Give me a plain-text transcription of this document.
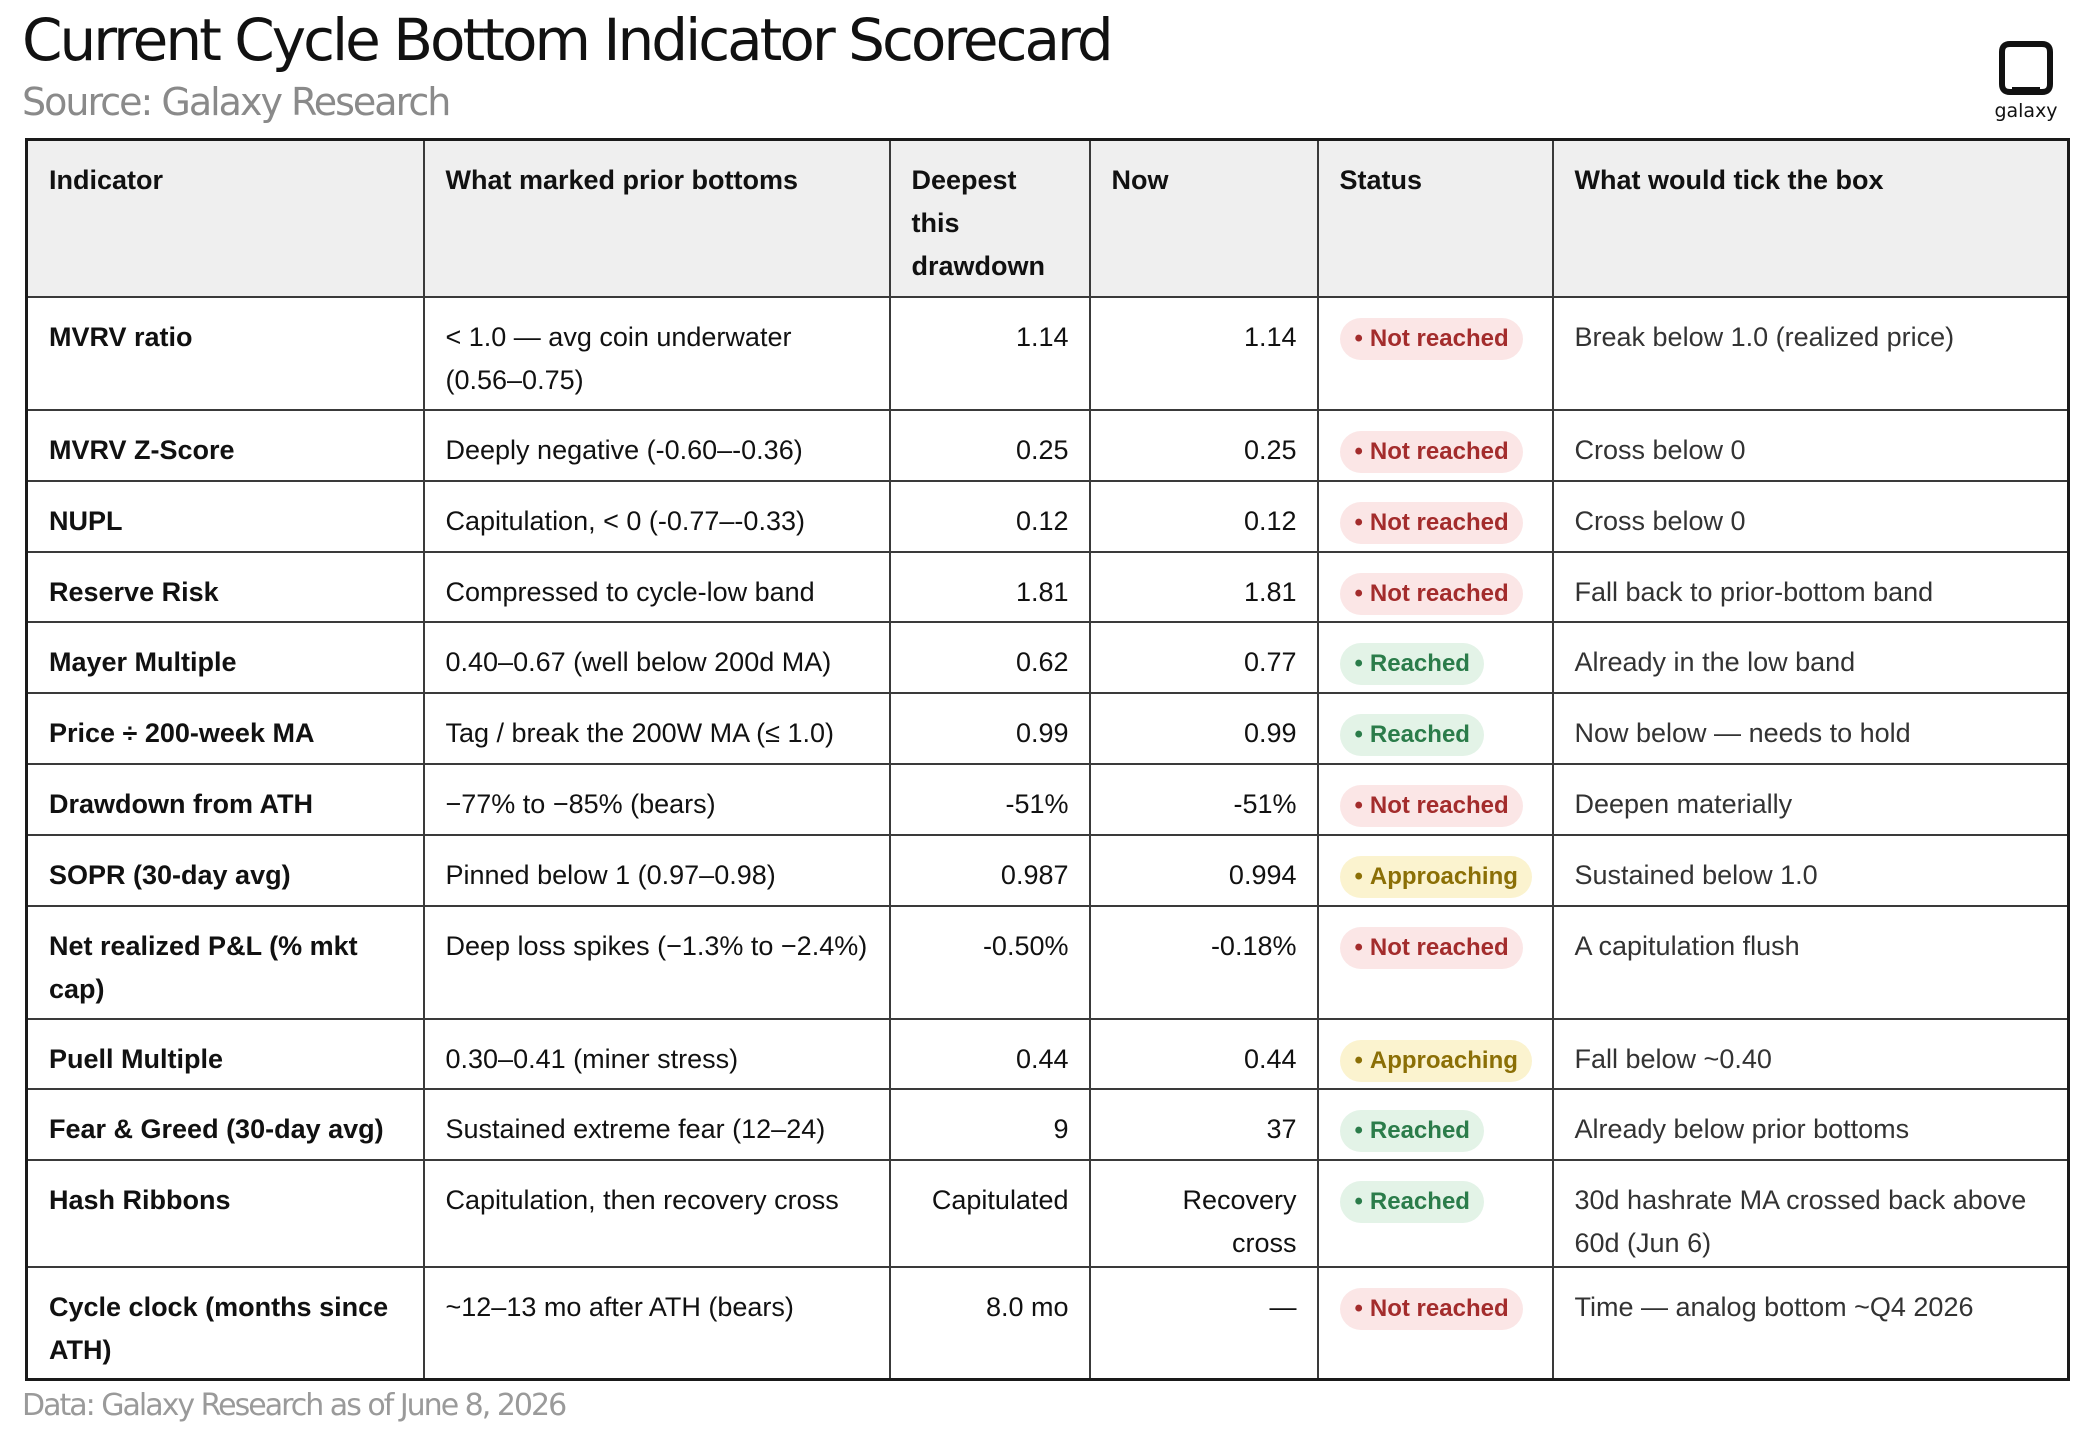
Current Cycle Bottom Indicator Scorecard
Source: Galaxy Research	galaxy
Indicator	What marked prior bottoms	Deepest this drawdown	Now	Status	What would tick the box
MVRV ratio	< 1.0 — avg coin underwater (0.56–0.75)	1.14	1.14	• Not reached	Break below 1.0 (realized price)
MVRV Z-Score	Deeply negative (-0.60–-0.36)	0.25	0.25	• Not reached	Cross below 0
NUPL	Capitulation, < 0 (-0.77–-0.33)	0.12	0.12	• Not reached	Cross below 0
Reserve Risk	Compressed to cycle-low band	1.81	1.81	• Not reached	Fall back to prior-bottom band
Mayer Multiple	0.40–0.67 (well below 200d MA)	0.62	0.77	• Reached	Already in the low band
Price ÷ 200-week MA	Tag / break the 200W MA (≤ 1.0)	0.99	0.99	• Reached	Now below — needs to hold
Drawdown from ATH	−77% to −85% (bears)	-51%	-51%	• Not reached	Deepen materially
SOPR (30-day avg)	Pinned below 1 (0.97–0.98)	0.987	0.994	• Approaching	Sustained below 1.0
Net realized P&L (% mkt cap)	Deep loss spikes (−1.3% to −2.4%)	-0.50%	-0.18%	• Not reached	A capitulation flush
Puell Multiple	0.30–0.41 (miner stress)	0.44	0.44	• Approaching	Fall below ~0.40
Fear & Greed (30-day avg)	Sustained extreme fear (12–24)	9	37	• Reached	Already below prior bottoms
Hash Ribbons	Capitulation, then recovery cross	Capitulated	Recovery cross	• Reached	30d hashrate MA crossed back above 60d (Jun 6)
Cycle clock (months since ATH)	~12–13 mo after ATH (bears)	8.0 mo	—	• Not reached	Time — analog bottom ~Q4 2026
Data: Galaxy Research as of June 8, 2026
